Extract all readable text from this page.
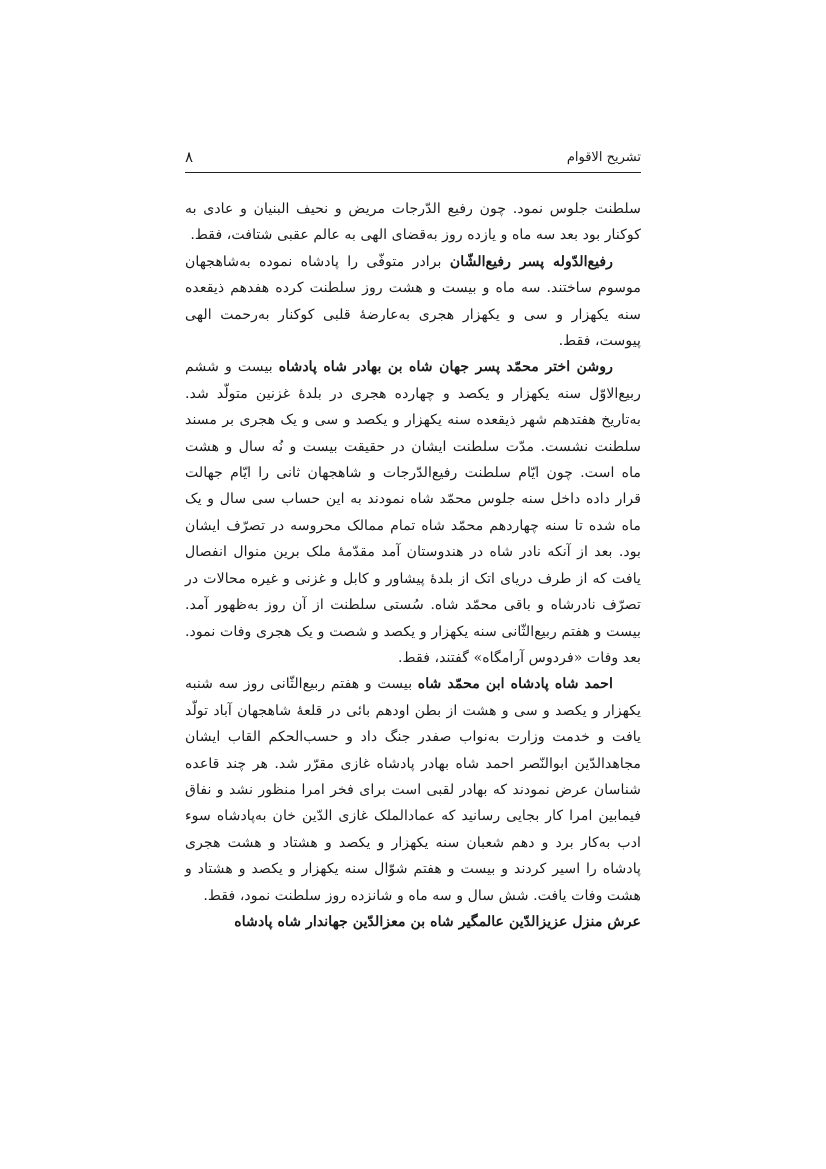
تشریح الاقوام
۸

سلطنت جلوس نمود. چون رفیع الدّرجات مریض و نحیف البنیان و عادی به کوکنار بود بعد سه ماه و یازده روز به‌قضای الهی به عالم عقبی شتافت، فقط.

رفیع‌الدّوله پسر رفیع‌الشّان برادر متوفّی را پادشاه نموده به‌شاهجهان موسوم ساختند. سه ماه و بیست و هشت روز سلطنت کرده هفدهم ذیقعده سنه یکهزار و سی و یکهزار هجری به‌عارضهٔ قلبی کوکنار به‌رحمت الهی پیوست، فقط.

روشن اختر محمّد پسر جهان شاه بن بهادر شاه پادشاه بیست و ششم ربیع‌الاوّل سنه یکهزار و یکصد و چهارده هجری در بلدهٔ غزنین متولّد شد. به‌تاریخ هفتدهم شهر ذیقعده سنه یکهزار و یکصد و سی و یک هجری بر مسند سلطنت نشست. مدّت سلطنت ایشان در حقیقت بیست و نُه سال و هشت ماه است. چون ایّام سلطنت رفیع‌الدّرجات و شاهجهان ثانی را ایّام جهالت قرار داده داخل سنه جلوس محمّد شاه نمودند به این حساب سی سال و یک ماه شده تا سنه چهاردهم محمّد شاه تمام ممالک محروسه در تصرّف ایشان بود. بعد از آنکه نادر شاه در هندوستان آمد مقدّمهٔ ملک برین منوال انفصال یافت که از طرف دریای اتک از بلدهٔ پیشاور و کابل و غزنی و غیره محالات در تصرّف نادرشاه و باقی محمّد شاه. سُستی سلطنت از آن روز به‌ظهور آمد. بیست و هفتم ربیع‌الثّانی سنه یکهزار و یکصد و شصت و یک هجری وفات نمود. بعد وفات «فردوس آرامگاه» گفتند، فقط.

احمد شاه پادشاه ابن محمّد شاه بیست و هفتم ربیع‌الثّانی روز سه شنبه یکهزار و یکصد و سی و هشت از بطن اودهم بائی در قلعهٔ شاهجهان آباد تولّد یافت و خدمت وزارت به‌نواب صفدر جنگ داد و حسب‌الحکم القاب ایشان مجاهدالدّین ابوالنّصر احمد شاه بهادر پادشاه غازی مقرّر شد. هر چند قاعده شناسان عرض نمودند که بهادر لقبی است برای فخر امرا منظور نشد و نفاق فیمابین امرا کار بجایی رسانید که عمادالملک غازی الدّین خان به‌پادشاه سوء ادب به‌کار برد و دهم شعبان سنه یکهزار و یکصد و هشتاد و هشت هجری پادشاه را اسیر کردند و بیست و هفتم شوّال سنه یکهزار و یکصد و هشتاد و هشت وفات یافت. شش سال و سه ماه و شانزده روز سلطنت نمود، فقط.

عرش منزل عزیزالدّین عالمگیر شاه بن معزالدّین جهاندار شاه پادشاه
